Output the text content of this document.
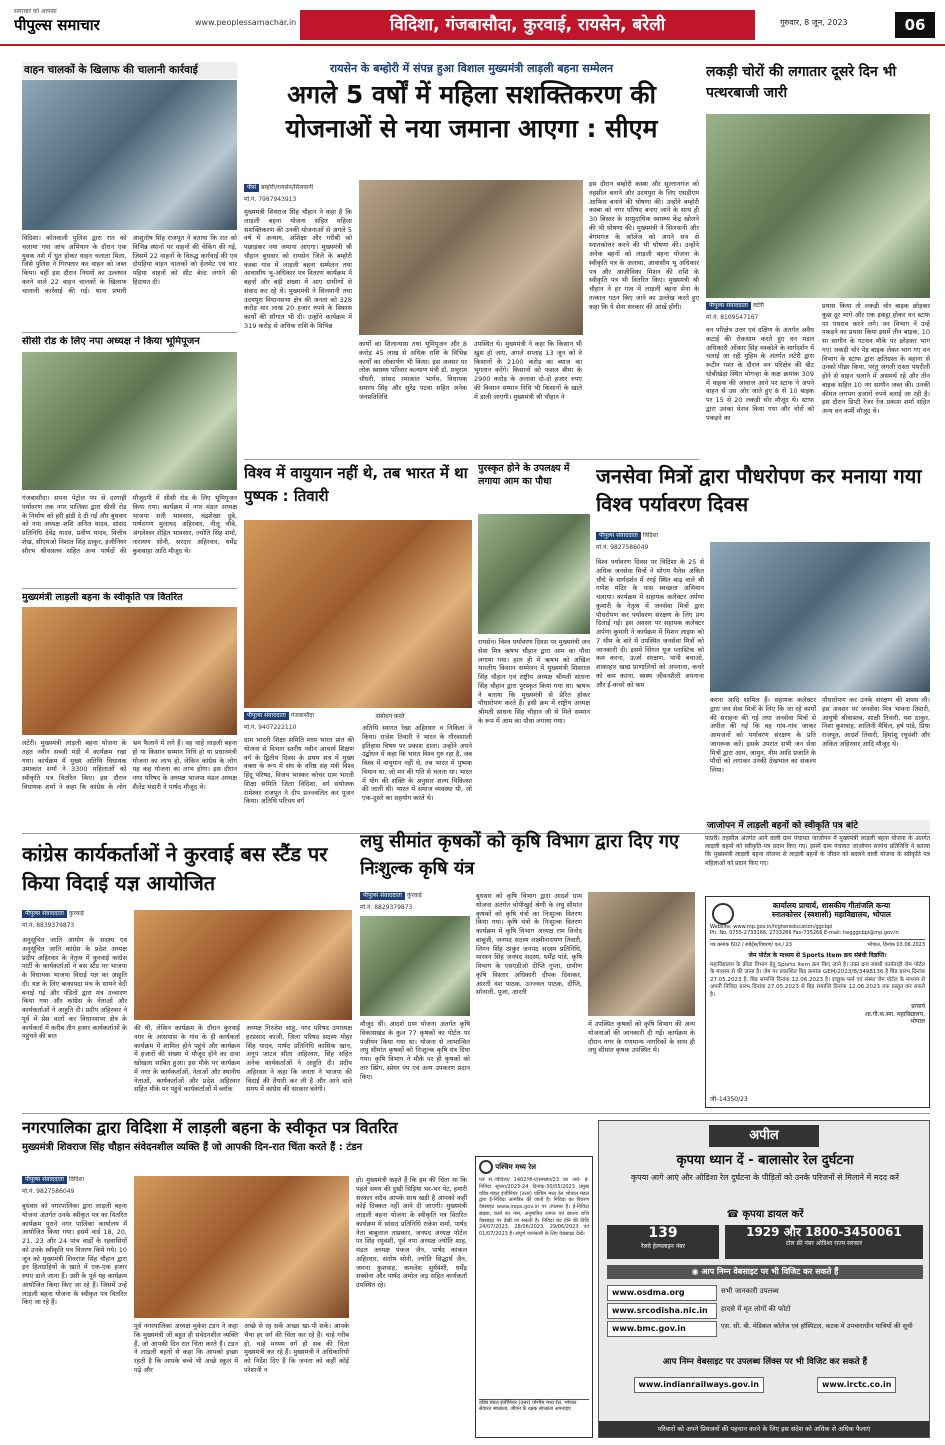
समाचार को आपका
पीपुल्स समाचार	www.peoplessamachar.in	विदिशा, गंजबासौदा, कुरवाई, रायसेन, बरेली	गुरुवार, 8 जून, 2023	06
वाहन चालकों के खिलाफ की चालानी कार्रवाई
विदिशा। कोतवाली पुलिस द्वारा रात को चलाया गया जांच अभियान के दौरान एक युवक नशे में धुत होकर वाहन चलाता मिला, जिसे पुलिस ने गिरफ्तार कर वाहन को जब्त किया। वहीं इस दौरान नियमों का उल्लंघन करने वाले 22 वाहन चालकों के खिलाफ चालानी कार्रवाई की गई। थाना प्रभारी आशुतोष सिंह राजपूत ने बताया कि रात को विभिन्न स्थानों पर वाहनों की चेकिंग की गई, जिसमें 22 वाहनों के विरुद्ध कार्रवाई की एवं दोपहिया वाहन चालकों को हेलमेट एवं चार पहिया वाहनों को सीट बेल्ट लगाने की हिदायत दी।
सीसी रोड के लिए नपा अध्यक्ष ने किया भूमिपूजन
गंजबासौदा। सपना पेट्रोल पंप से दरगाही पर्यावरण तक नगर पालिका द्वारा सीसी रोड के निर्माण को हरी झंडी दे दी गई और बुधवार को नपा अध्यक्ष शशि अनिल यादव, सांसद प्रतिनिधि देवेंद्र यादव, प्रवीण यादव, वित्तीय शेख, सीएमओ निशांत सिंह ठाकुर, इंजीनियर सौरभ श्रीवास्तव सहित अन्य पार्षदों की मौजूदगी में सीसी रोड के लिए भूमिपूजन किया गया। कार्यक्रम में नगर मंडल अध्यक्ष भाजपा सती भावसार, चंद्रशेखर दुबे, पार्षदगण मुलायद अहिरवार, नीलू चौबे, अंगलेश्वर रोहित भावसार, ज्योति सिंह शर्मा, नारायण सोनी, सरदार अहिरवार, धर्मेंद्र कुशवाहा आदि मौजूद थे।
मुख्यमंत्री लाड़ली बहना के स्वीकृति पत्र वितरित
लटेरी। मुख्यमंत्री लाड़ली बहना योजना के तहत नवीन सब्जी मंडी में कार्यक्रम रखा गया। कार्यक्रम में मुख्य अतिथि विधायक उमाकांत शर्मा ने 3300 महिलाओं को स्वीकृति पत्र वितरित किए। इस दौरान विधायक शर्मा ने कहा कि कांग्रेस के लोग भ्रम फैलाने में लगे हैं। वह चाहे लाड़ली बहना हो या किसान सम्मान निधि हो या प्रधानमंत्री योजना का लाभ हो, लेकिन कांग्रेस के लोग यह कह योजना का लाभ होगा। इस दौरान नगर परिषद के अध्यक्ष भाजपा मंडल अध्यक्ष शैलेंद्र भंडारी ने पार्षद मौजूद थे।
रायसेन के बम्होरी में संपन्न हुआ विशाल मुख्यमंत्री लाड़ली बहना सम्मेलन
अगले 5 वर्षों में महिला सशक्तिकरण की योजनाओं से नया जमाना आएगा : सीएम
पीसं बम्होरी/रायसेन/सिलवानी
मो.नं. 7987943913
मुख्यमंत्री शिवराज सिंह चौहान ने कहा है कि लाड़ली बहना योजना सहित महिला सशक्तिकरण की उनकी योजनाओं से अगले 5 वर्ष में अन्याय, अशिक्षा और गरीबी को पछाड़कर नया जमाना आएगा। मुख्यमंत्री श्री चौहान बुधवार को रायसेन जिले के बम्होरी कस्बा गांव में लाड़ली बहना सम्मेलन तथा आवासीय भू-अधिकार पत्र वितरण कार्यक्रम में बहनों और बड़ी संख्या में आए ग्रामीणों से संवाद कर रहे थे। मुख्यमंत्री ने सिलवानी तथा उदयपुरा विधानसभा क्षेत्र की जनता को 328 करोड़ चार लाख 20 हजार रुपये के विकास कार्यों की सौगात भी दी। उन्होंने कार्यक्रम में 319 करोड़ से अधिक राशि के विभिन्न
इस दौरान बम्होरी कस्बा और सुल्तानगंज को तहसील बनाने और उदयपुरा के लिए एसडीएम आफिस बनाने की घोषणा की। उन्होंने बम्होरी कस्बा को नगर परिषद बनाए जाने के साथ ही 30 बिस्तर के सामुदायिक स्वास्थ्य केंद्र खोलने की भी घोषणा की। मुख्यमंत्री ने सिलवानी और बेगमगंज के कॉलेज को अपने सत्र से स्नातकोत्तर करने की भी घोषणा की। उन्होंने अनेक बहनों को लाड़ली बहना योजना के स्वीकृति पत्र के अलावा, आवासीय भू अधिकार पत्र और आजीविका मिशन की राशि के स्वीकृति पत्र भी वितरित किए। मुख्यमंत्री श्री चौहान ने हर गांव में लाड़ली बहना सेना के तत्काल गठन किए जाने का उल्लेख करते हुए कहा कि ये सेना सरकार की आंखें होंगी।
कार्यों का शिलान्यास तथा भूमिपूजन और 8 करोड़ 45 लाख से अधिक राशि के विभिन्न कार्यों का लोकार्पण भी किया। इस अवसर पर लोक स्वास्थ्य परिवार कल्याण मंत्री डॉ. प्रभुराम चौधरी, सांसद रमाकांत भार्गव, विधायक समरथ सिंह और सुरेंद्र पटवा सहित अनेक जनप्रतिनिधि
उपस्थित थे। मुख्यमंत्री ने कहा कि किसान भी खुश हो जाएं, अगले सप्ताह 13 जून को वे किसानों के 2100 करोड़ का ब्याज का भुगतान करेंगे। किसानों को फसल बीमा के 2900 करोड़ के अलावा दो-दो हजार रुपए की किसान सम्मान निधि भी किसानों के खाते में डाली जाएगी। मुख्यमंत्री श्री चौहान ने
लकड़ी चोरों की लगातार दूसरे दिन भी पत्थरबाजी जारी
पीपुल्स संवाददाता लटेरी
मो.नं. 8109547167
वन परिक्षेत्र उत्तर एवं दक्षिण के अंतर्गत अवैध कटाई की रोकथाम करते हुए वन मंडल अधिकारी ओंकार सिंह मस्कोले के मार्गदर्शन में चलाई जा रही मुहिम के अंतर्गत लटेरी द्वारा रूटीन गश्त के दौरान वन परिक्षेत्र की बीट धोबीखेड़ा स्थित मोगन्हा के कक्ष क्रमांक 309 में वाहक की आवाज आने पर स्टाफ ने अपने वाहन से उस ओर जाते हुए 8 से 10 बाइक पर 15 से 20 लकड़ी चोर मौजूद थे। स्टाफ द्वारा उनका घेराव किया गया और चोरों को पकड़ने का
प्रयास किया तो लकड़ी चोर बाइक छोड़कर कुछ दूर भागे और एक इकट्ठा होकर वन स्टाफ पर पथराव करने लगे। वन विभाग ने उन्हें पकड़ने का प्रयास किया इसमें तीन बाइक, 10 सा सागौन के गटचन मौके पर छोड़कर भाग गए। लकड़ी चोर पेड़ बाइक लेकर भाग गए वन विभाग के स्टाफ द्वारा क्षतिग्रस्त के बहाना से उनको पीछा किया, परंतु जंगली रास्ता पथरीली होने से वाहन चलाने में असमर्थ रहे और तीन बाइक सहित 10 नग सागौन जब्त की। उनकी कीमत लगभग हजारों रुपये बताई जा रही है। इस दौरान डिप्टी रेंजर रेंज प्रकाश शर्मा सहित अन्य वन कर्मी मौजूद थे।
विश्व में वायुयान नहीं थे, तब भारत में था पुष्पक : तिवारी
पीपुल्स संवाददाता गंजबासौदा	संबोधन करते
मो.नं. 9407222110
ग्राम भारती शिक्षा समिति मध्य भारत प्रांत की योजना से विभाग स्तरीय नवीन आचार्य शिक्षण वर्ग के द्वितीय दिवस के प्रथम सत्र में मुख्य वक्ता के रूप में संघ के वरिष्ठ सह मंत्री विश्व हिंदू परिषद, विजय भास्कर कोचर ग्राम भारती शिक्षा समिति जिला विदिशा, वर्ग संयोजक रामेश्वर राजपूत ने दीप प्रज्ज्वलित कर पूजन किया। अतिथि परिचय वर्ग
अतिथि स्वागत रेखा अहिरवार व निकिता ने किया। राजेश तिवारी ने भारत के गौरवशाली इतिहास विषय पर प्रकाश डाला। उन्होंने अपने उद्बोधन में कहा कि भारत विश्व गुरु रहा है, जब विश्व में वायुयान नहीं थे, तब भारत में पुष्पक विमान था, जो मन की गति से चलता था। भारत में योग की शक्ति के अनुसार शल्य चिकित्सा की जाती थी। भारत में समाज व्यवस्था थी, जो एक-दूसरे का सहयोग करते थे।
पुरस्कृत होने के उपलक्ष्य में लगाया आम का पौधा
रायसेन। विश्व पर्यावरण दिवस पर मुख्यमंत्री जन सेवा मित्र ऋषभ चौहान द्वारा आम का पौधा लगाया गया। हाल ही में ऋषभ को अखिल भारतीय किसान सम्मेलन में मुख्यमंत्री शिवराज सिंह चौहान एवं राष्ट्रीय अध्यक्ष श्रीमती साधना सिंह चौहान द्वारा पुरस्कृत किया गया था। ऋषभ ने बताया कि मुख्यमंत्री से प्रेरित होकर पौधारोपण करते हैं। इसी क्रम में राष्ट्रीय अध्यक्ष श्रीमती साधना सिंह चौहान जी से मिले सम्मान के रूप में आम का पौधा लगाया गया।
जनसेवा मित्रों द्वारा पौधरोपण कर मनाया गया विश्व पर्यावरण दिवस
पीपुल्स संवाददाता विदिशा
मो.नं. 9827586049
विश्व पर्यावरण दिवस पर विदिशा के 25 से अधिक जनसेवा मित्रों ने सोएम पैलेस अंकित चौधे के मार्गदर्शन में रंगई स्थित बाढ़ वाले श्री गणेश मंदिर के पास स्वच्छता अभियान चलाया। कार्यक्रम में सहायक कलेक्टर अर्पणा कुमारी के नेतृत्व में जनसेवा मित्रों द्वारा पौधरोपण कर पर्यावरण संरक्षण के लिए प्रण दिलाई गई। इस अवसर पर सहायक कलेक्टर अर्पणा कुमारी ने कार्यक्रम में मिशन लाइफ को 7 थीम के बारे में उपस्थित जनसेवा मित्रों को जानकारी दी। इसमें सिंगल यूज प्लास्टिक को कम करना, ऊर्जा संरक्षण, पानी बचाओ, शाकाहार खाद्य प्राणालियों को अपनाना, कचरे को कम करना, स्वस्थ जीवनशैली अपनाना और ई-कचरे को कम
करना आदि शामिल हैं। सहायक कलेक्टर द्वारा जन सेवा मित्रों के लिए कि जा रहे कार्यों की सराहना की गई तथा जनसेवा मित्रों से अपील की गई कि वह गांव-गांव जाकर आमजनों को पर्यावरण संरक्षण के प्रति जागरूक करें। इसके उपरांत सभी जन सेवा मित्रों द्वारा आम, जामुन, नीम आदि प्रजाति के पौधों को लगाकर उनकी देखभाल का संकल्प लिया।
पौधारोपण कर उनके संरक्षण की शपथ ली। इस अवसर पर जनसेवा मित्र भावना तिवारी, आयुषी श्रीवास्तव, साक्षी तिवारी, यश ठाकुर, निशा कुशवाह, शालिनी मैथिल, हर्ष पांडे, प्रिया राजपूत, आदर्श तिवारी, हिमांशु रघुवंशी और अंकित अहिरवार आदि मौजूद थे।
जाजोपन में लाड़ली बहनों को स्वीकृति पत्र बांटे
पठारी। तहसील अंतर्गत आने वाली ग्राम पंचायत जाजोपन में मुख्यमंत्री लाड़ली बहना योजना के अंतर्गत लाड़ली बहनों को स्वीकृति-पत्र प्रदान किए गए। इसमें ग्राम पंचायत जाजोपन सरपंच प्रतिनिधि ने बताया कि मुख्यमंत्री लाड़ली बहना योजना से लाड़ली बहनों के जीवन को बदलने वाली योजना के स्वीकृति पत्र महिलाओं को प्रदान किए गए।
कांग्रेस कार्यकर्ताओं ने कुरवाई बस स्टैंड पर किया विदाई यज्ञ आयोजित
पीपुल्स संवाददाता कुरवाई
मो.नं. 8839379873
अनुसूचित जाति आयोग के सदस्य एवं अनुसूचित जाति कांग्रेस के प्रदेश अध्यक्ष प्रदीप अहिरवार के नेतृत्व में कुरवाई कांग्रेस पार्टी के कार्यकर्ताओं ने बस स्टैंड पर भाजपा के विधायक भाजपा विदाई यज्ञ का आहुति दी। यज्ञ के लिए बाकायदा मंच के सामने वेदी बनाई गई और पंडितों द्वारा मंत्र उच्चारण किया गया और कांग्रेस के नेताओं और कार्यकर्ताओं ने आहुति दी। प्रदीप अहिरवार ने पूर्व में प्रेस वार्ता कर विधानसभा क्षेत्र के कार्यकर्ता में करीब तीन हजार कार्यकर्ताओं के पहुंचने की बात
की थी, लेकिन कार्यक्रम के दौरान कुरवाई नगर के आसपास के गांव के ही कार्यकर्ता कार्यक्रम में शामिल होने पहुंचे और कार्यक्रम में हजारों की संख्या में मौजूद होने का दावा खोखला साबित हुआ। इस मौके पर कार्यक्रम में नगर के कार्यकर्ताओं, नेताओं और स्थानीय नेताओं, कार्यकर्ताओं और प्रदेश अहिरवार सहित मौके पर पहुंचे कार्यकर्ताओं में ब्लॉक
अध्यक्ष गिरजेश साहू, नगर परिषद उपाध्यक्ष हरप्रसाद काजी, जिला परिषद सदस्य मोहर सिंह यादव, पार्षद प्रतिनिधि कासिक खान, अनूप जाटव सीता अहिरवार, सिंह सहित अनेक कार्यकर्ताओं ने आहुति दी। प्रदीप अहिरवार ने कहा कि जनता ने भाजपा की विदाई की तैयारी कर ली है और आने वाले समय में कांग्रेस की सरकार बनेगी।
लघु सीमांत कृषकों को कृषि विभाग द्वारा दिए गए निःशुल्क कृषि यंत्र
पीपुल्स संवाददाता कुरवाई
मो.नं. 8829379873
बुधवार को कृषि विभाग द्वारा आदर्श ग्राम योजना अंतर्गत चोपीखुर्द श्रेणी के लघु सीमांत कृषकों को कृषि यंत्रों का निःशुल्क वितरण किया गया। कृषि यंत्रों के निःशुल्क वितरण कार्यक्रम में कृषि विभाग अध्यक्ष राम विनोद बाबूजी, जनपद सदस्य लक्ष्मीनारायण तिवारी, लिगन सिंह ठाकुर जनपद सदस्य प्रतिनिधि, मारवन सिंह जनपद सदस्य, धर्मेंद्र पांडे, कृषि विभाग के एसएडीओ दीप्ति गुप्ता, ग्रामीण कृषि विस्तार अधिकारी दीपक दिवाकर, आरती वंश पाठक, उज्ज्वल पाठक, दीप्ति, सोनाली, पूजा, आरती
मौजूद थीं। आदर्श ग्राम योजना अंतर्गत कृषि विकासखंड के कुल 77 कृषकों का पोर्टल पर पंजीयन किया गया था। योजना से लाभान्वित लघु सीमांत कृषकों को निःशुल्क कृषि यंत्र दिया गया। कृषि विभाग ने मौके पर ही कृषकों को तार स्प्रिंग, स्प्रेयर पंप एवं अन्य उपकरण प्रदान किए।
में उपस्थित कृषकों को कृषि विभाग की अन्य योजनाओं की जानकारी दी गई। कार्यक्रम के दौरान नगर के गणमान्य नागरिकों के साथ ही लघु सीमांत कृषक उपस्थित थे।
कार्यालय प्राचार्य, शासकीय गीतांजलि कन्या
स्नातकोत्तर (स्वशासी) महाविद्यालय, भोपाल
Website:-www.mp.gov.in/highereducation/ggcbpl
Ph. No. 0755-2733166, 2733266 Fax-735266 E-mail: hegggcbpl@mp.gov.in
पत्र क्रमांक 602 / स्पोर्ट्स/विवरण/ एल./ 23	भोपाल, दिनांक 03.06.2023
जेम पोर्टल के माध्यम से Sports Item क्रय संबंधी विज्ञप्ति।
महाविद्यालय के क्रीडा विभाग हेतु Sports Item क्रय किए जाने है। उक्त क्रय संबंधी कार्यवाही जेम पोर्टल के माध्यम से की जाना है। जेम पर प्रकाशित बिड क्रमांक GEM/2023/B/3498136 है बिड प्रारंभ दिनांक 27.05.2023 है, बिड समाप्ति दिनांक 12.06.2023 है। इच्छुक फर्म एवं संस्था जेम पोर्टल के माध्यम से अपनी निविदा प्रारंभ दिनांक 27.05.2023 से बिड समाप्ति दिनांक 12.06.2023 तक प्रस्तुत कर सकते है।
प्राचार्य
शा.गी.क.स्ना. महाविद्यालय,
भोपाल
जी–14350/23
नगरपालिका द्वारा विदिशा में लाड़ली बहना के स्वीकृत पत्र वितरित
मुख्यमंत्री शिवराज सिंह चौहान संवेदनशील व्यक्ति हैं जो आपकी दिन-रात चिंता करते हैं : टंडन
पीपुल्स संवाददाता विदिशा
मो.नं. 9827586049
बुधवार को नगरपालिका द्वारा लाड़ली बहना योजना अंतर्गत उनके स्वीकृत पत्र का वितरित कार्यक्रम पुराने नगर पालिका कार्यालय में आयोजित किया गया। इसमें वार्ड 18, 20, 21, 23 और 24 पांच वार्डों के रहवासियों को उनके स्वीकृति पत्र वितरण किये गये। 10 जून को मुख्यमंत्री शिवराज सिंह चौहान द्वारा इन हितग्राहियों के खाते में एक-एक हजार रुपए डाले जाना हैं। उसी के पूर्व यह कार्यक्रम आयोजित किया किए जा रहे हैं। जिसमें उन्हें लाड़ली बहना योजना के स्वीकृत पत्र वितरित किए जा रहे हैं।
हो। मुख्यमंत्री कहते हैं कि हम की चिंता था कि पहले समय की दुखी चिड़िया भर-भर पेट, हमारी सरकार सदैव आपके साथ खड़ी है आपको कहीं कोई दिक्कत नहीं आने दी जाएगी। मुख्यमंत्री लाड़ली बहना योजना के स्वीकृति पत्र वितरित कार्यक्रम में सांसद प्रतिनिधि राकेश शर्मा, पार्षद नेता बाबूलाल ताम्रकार, जनपद अध्यक्ष पोर्टल पर सिंह रघुवंशी, पूर्व नपा अध्यक्ष ज्योति शाह, मंडल अध्यक्ष पंकज जैन, पार्षद कांकल अहिरवार, संतोष सोनी, ज्योति सिद्धार्थ जैन, जमना कुशवाह, कमलेश सूर्यवंशी, धर्मेंद्र सक्सेना और पार्षद अमोल जड़ सहित कार्यकर्ता उपस्थित रहे।
पूर्व नगरपालिका अध्यक्ष मुकेश टंडन ने कहा कि मुख्यमंत्री जी बहुत ही संवेदनशील व्यक्ति हैं, जो आपकी दिन रात चिंता करते हैं। टंडन ने लाड़ली बहनों से कहा कि आपको इच्छा रहती है कि आपके बच्चे भी अच्छे स्कूल में पढ़े और
अच्छे से रह सकें अच्छा खा-पी सकें। आपके भैया हर वर्ग की चिंता कर रहे हैं। चाहे गरीब हो, चाहे मध्यम वर्ग हो सब की चिंता मुख्यमंत्री कर रहे हैं। मुख्यमंत्री ने अधिकारियों को निर्देश दिए हैं कि जनता को कहीं कोई परेशानी न
पश्चिम मध्य रेल
पत्र सं.-विदिशा/ 1402/पी-ए/समस्या/23 का अर्ध- ई-निविदा सूचना/2023-24 दिनांक-30/05/2023 प्रमुख वरिष्ठ मंडल इंजीनियर (उत्तर) पश्चिम मध्य रेल भोपाल मंडल द्वारा ई-निविदा आमंत्रित की जाती है। निविदा का विवरण वेबसाइट www.ireps.gov.in पर उपलब्ध है। ई-निविदा संख्या, कार्य का नाम, अनुमानित लागत एवं बयाना राशि वेबसाइट पर देखी जा सकती है। निविदा बंद होने की तिथि 24/07/2023, 28/06/2023, 29/06/2023 एवं 01/07/2023 है। संपूर्ण जानकारी के लिए वेबसाइट देखें।
वरिष्ठ मंडल इंजीनियर (उत्तर) पश्चिम मध्य रेल, भोपाल
सेवारत स्वच्छता, जीवन के रक्षक स्वच्छता अपनाइए
अपील
कृपया ध्यान दें - बालासोर रेल दुर्घटना
कृपया आगे आएं और ओडिशा रेल दुर्घटना के पीड़ितों को उनके परिजनों से मिलाने में मदद करें
☎ कृपया डायल करें
139
रेलवे हेल्पलाइन नंबर
1929 और 1800-3450061
टोल फ्री नंबर ओडिशा राज्य सरकार
◉ आप निम्न वेबसाइट पर भी विजिट कर सकते हैं
www.osdma.org	सभी जानकारी उपलब्ध
www.srcodisha.nic.in	हादसे में मृत लोगों की फोटो
www.bmc.gov.in	एस. सी. बी. मेडिकल कॉलेज एवं हॉस्पिटल, कटक में उपचाराधीन यात्रियों की सूची
आप निम्न वेबसाइट पर उपलब्ध लिंक्स पर भी विजिट कर सकते हैं
www.indianrailways.gov.in	www.irctc.co.in
परिवारों को अपने प्रियजनों की पहचान करने के लिए इस संदेश को अधिक से अधिक फैलाएं
